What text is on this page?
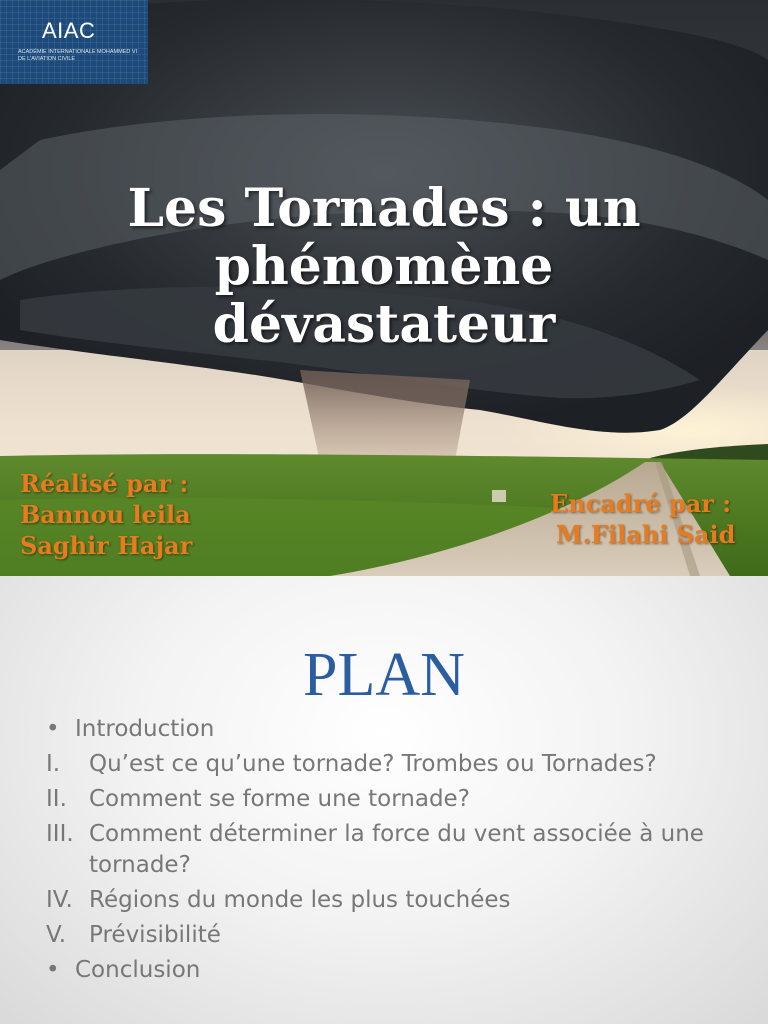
AIAC
ACADÉMIE INTERNATIONALE MOHAMMED VI DE L'AVIATION CIVILE
Les Tornades : un phénomène dévastateur
Réalisé par :
Bannou leila
Saghir Hajar
Encadré par :
M.Filahi Said
PLAN
• Introduction
I.	Qu’est ce qu’une tornade? Trombes ou Tornades?
II. Comment se forme une tornade?
III. Comment déterminer la force du vent associée à une tornade?
IV. Régions du monde les plus touchées
V. Prévisibilité
• Conclusion
